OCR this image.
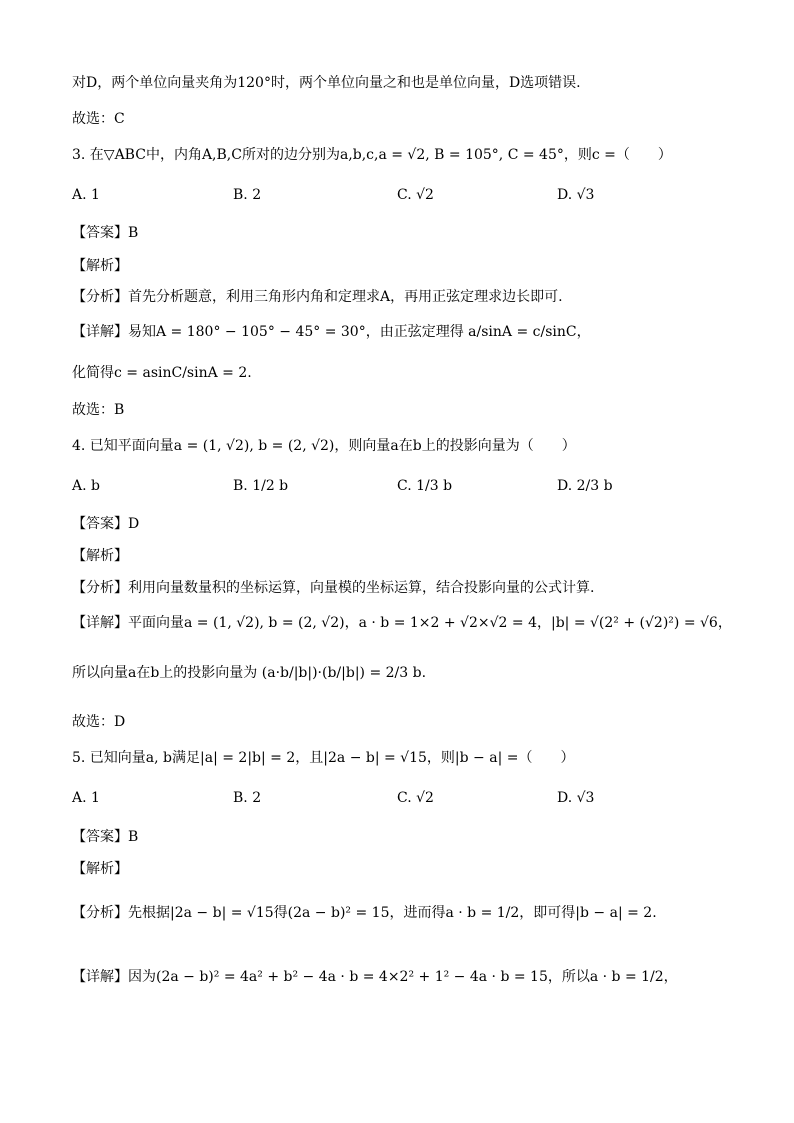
对D，两个单位向量夹角为120°时，两个单位向量之和也是单位向量，D选项错误.
故选：C
3. 在▽ABC中，内角A,B,C所对的边分别为a,b,c,a = √2, B = 105°, C = 45°，则c =（　　）
A. 1	B. 2	C. √2	D. √3
【答案】B
【解析】
【分析】首先分析题意，利用三角形内角和定理求A，再用正弦定理求边长即可.
【详解】易知A = 180° − 105° − 45° = 30°，由正弦定理得 a/sinA = c/sinC，
化简得c = asinC/sinA = 2.
故选：B
4. 已知平面向量a = (1, √2), b = (2, √2)，则向量a在b上的投影向量为（　　）
A. b	B. 1/2 b	C. 1/3 b	D. 2/3 b
【答案】D
【解析】
【分析】利用向量数量积的坐标运算，向量模的坐标运算，结合投影向量的公式计算.
【详解】平面向量a = (1, √2), b = (2, √2)，a · b = 1×2 + √2×√2 = 4，|b| = √(2² + (√2)²) = √6，
所以向量a在b上的投影向量为 (a·b/|b|)·(b/|b|) = 2/3 b.
故选：D
5. 已知向量a, b满足|a| = 2|b| = 2，且|2a − b| = √15，则|b − a| =（　　）
A. 1	B. 2	C. √2	D. √3
【答案】B
【解析】
【分析】先根据|2a − b| = √15得(2a − b)² = 15，进而得a · b = 1/2，即可得|b − a| = 2.
【详解】因为(2a − b)² = 4a² + b² − 4a · b = 4×2² + 1² − 4a · b = 15，所以a · b = 1/2，
